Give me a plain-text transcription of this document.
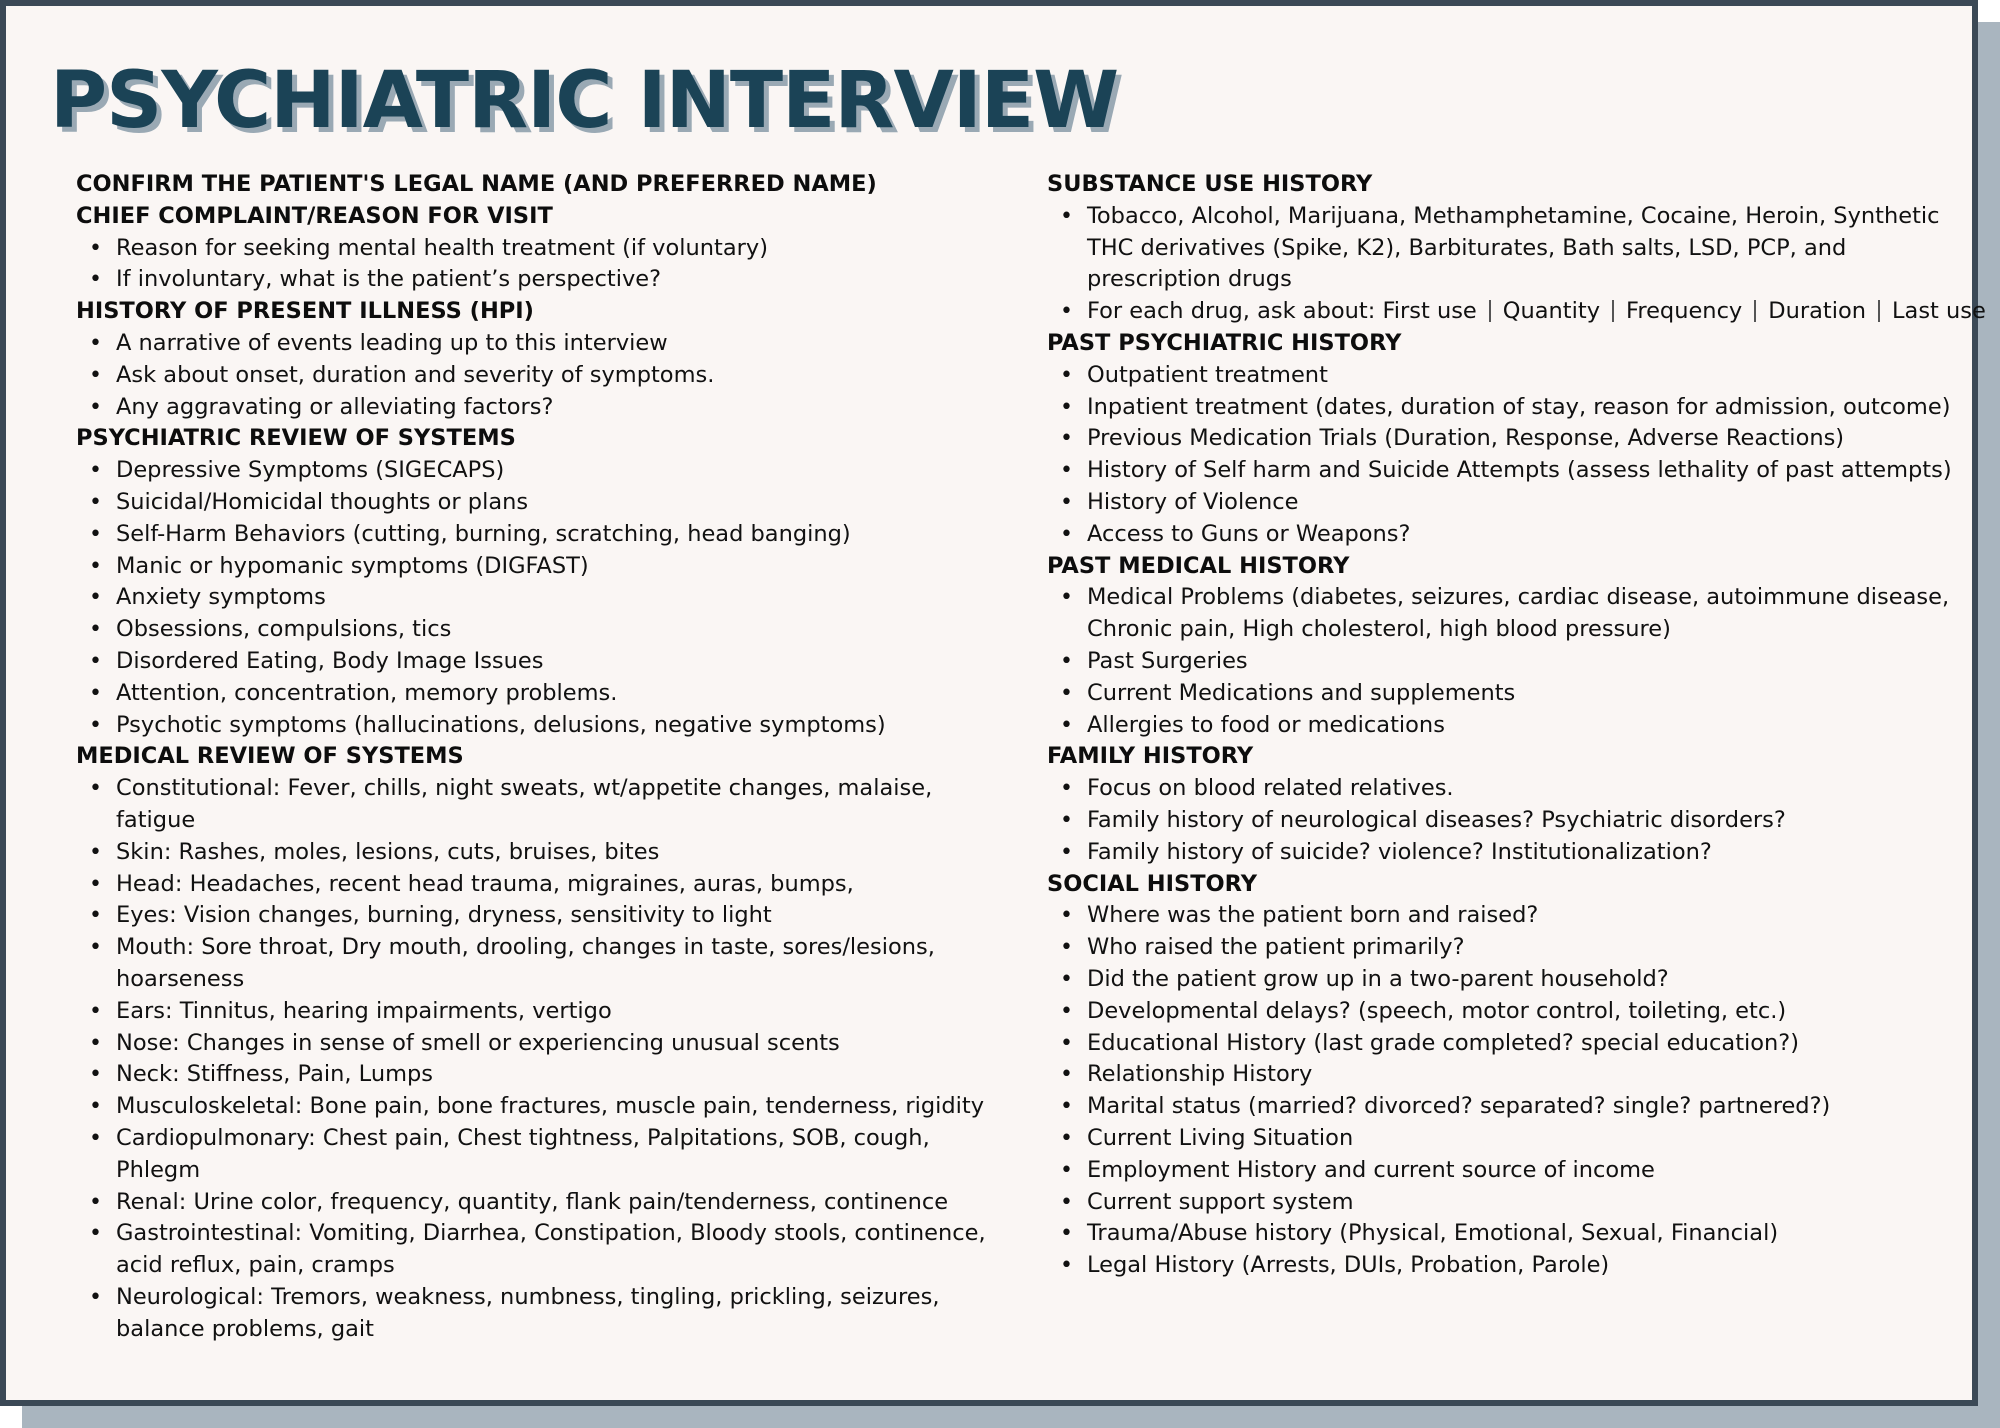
PSYCHIATRIC INTERVIEW
CONFIRM THE PATIENT'S LEGAL NAME (AND PREFERRED NAME)
CHIEF COMPLAINT/REASON FOR VISIT
• Reason for seeking mental health treatment (if voluntary)
• If involuntary, what is the patient’s perspective?
HISTORY OF PRESENT ILLNESS (HPI)
• A narrative of events leading up to this interview
• Ask about onset, duration and severity of symptoms.
• Any aggravating or alleviating factors?
PSYCHIATRIC REVIEW OF SYSTEMS
• Depressive Symptoms (SIGECAPS)
• Suicidal/Homicidal thoughts or plans
• Self-Harm Behaviors (cutting, burning, scratching, head banging)
• Manic or hypomanic symptoms (DIGFAST)
• Anxiety symptoms
• Obsessions, compulsions, tics
• Disordered Eating, Body Image Issues
• Attention, concentration, memory problems.
• Psychotic symptoms (hallucinations, delusions, negative symptoms)
MEDICAL REVIEW OF SYSTEMS
• Constitutional: Fever, chills, night sweats, wt/appetite changes, malaise, fatigue
• Skin: Rashes, moles, lesions, cuts, bruises, bites
• Head: Headaches, recent head trauma, migraines, auras, bumps,
• Eyes: Vision changes, burning, dryness, sensitivity to light
• Mouth: Sore throat, Dry mouth, drooling, changes in taste, sores/lesions, hoarseness
• Ears: Tinnitus, hearing impairments, vertigo
• Nose: Changes in sense of smell or experiencing unusual scents
• Neck: Stiffness, Pain, Lumps
• Musculoskeletal: Bone pain, bone fractures, muscle pain, tenderness, rigidity
• Cardiopulmonary: Chest pain, Chest tightness, Palpitations, SOB, cough, Phlegm
• Renal: Urine color, frequency, quantity, flank pain/tenderness, continence
• Gastrointestinal: Vomiting, Diarrhea, Constipation, Bloody stools, continence, acid reflux, pain, cramps
• Neurological: Tremors, weakness, numbness, tingling, prickling, seizures, balance problems, gait
SUBSTANCE USE HISTORY
• Tobacco, Alcohol, Marijuana, Methamphetamine, Cocaine, Heroin, Synthetic THC derivatives (Spike, K2), Barbiturates, Bath salts, LSD, PCP, and prescription drugs
• For each drug, ask about: First use Quantity Frequency Duration Last use
PAST PSYCHIATRIC HISTORY
• Outpatient treatment
• Inpatient treatment (dates, duration of stay, reason for admission, outcome)
• Previous Medication Trials (Duration, Response, Adverse Reactions)
• History of Self harm and Suicide Attempts (assess lethality of past attempts)
• History of Violence
• Access to Guns or Weapons?
PAST MEDICAL HISTORY
• Medical Problems (diabetes, seizures, cardiac disease, autoimmune disease, Chronic pain, High cholesterol, high blood pressure)
• Past Surgeries
• Current Medications and supplements
• Allergies to food or medications
FAMILY HISTORY
• Focus on blood related relatives.
• Family history of neurological diseases? Psychiatric disorders?
• Family history of suicide? violence? Institutionalization?
SOCIAL HISTORY
• Where was the patient born and raised?
• Who raised the patient primarily?
• Did the patient grow up in a two-parent household?
• Developmental delays? (speech, motor control, toileting, etc.)
• Educational History (last grade completed? special education?)
• Relationship History
• Marital status (married? divorced? separated? single? partnered?)
• Current Living Situation
• Employment History and current source of income
• Current support system
• Trauma/Abuse history (Physical, Emotional, Sexual, Financial)
• Legal History (Arrests, DUIs, Probation, Parole)
